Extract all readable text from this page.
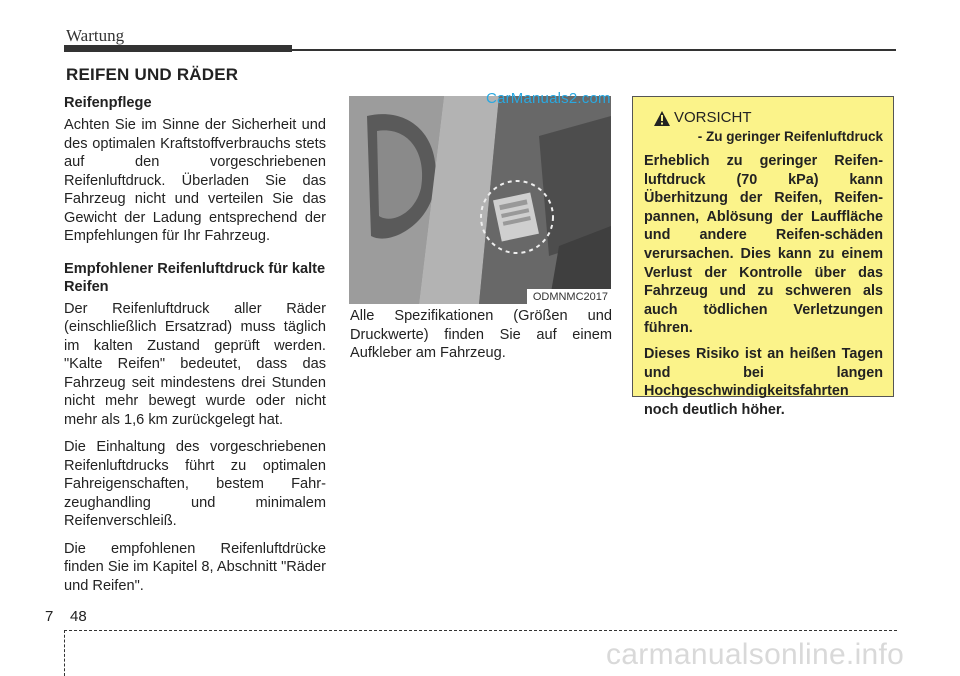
Wartung
REIFEN UND RÄDER
Reifenpflege

Achten Sie im Sinne der Sicherheit und des optimalen Kraftstoffverbrauchs stets auf den vorgeschriebenen Reifenluftdruck. Überladen Sie das Fahrzeug nicht und verteilen Sie das Gewicht der Ladung entsprechend der Empfehlungen für Ihr Fahrzeug.

Empfohlener Reifenluftdruck für kalte Reifen

Der Reifenluftdruck aller Räder (einschließlich Ersatzrad) muss täglich im kalten Zustand geprüft werden. "Kalte Reifen" bedeutet, dass das Fahrzeug seit mindestens drei Stunden nicht mehr bewegt wurde oder nicht mehr als 1,6 km zurückgelegt hat.

Die Einhaltung des vorgeschriebenen Reifenluftdrucks führt zu optimalen Fahreigenschaften, bestem Fahr-zeughandling und minimalem Reifenverschleiß.

Die empfohlenen Reifenluftdrücke finden Sie im Kapitel 8, Abschnitt "Räder und Reifen".

ODMNMC2017
CarManuals2.com

Alle Spezifikationen (Größen und Druckwerte) finden Sie auf einem Aufkleber am Fahrzeug.

VORSICHT
- Zu geringer Reifenluftdruck

Erheblich zu geringer Reifen-luftdruck (70 kPa) kann Überhitzung der Reifen, Reifen-pannen, Ablösung der Lauffläche und andere Reifen-schäden verursachen. Dies kann zu einem Verlust der Kontrolle über das Fahrzeug und zu schweren als auch tödlichen Verletzungen führen.

Dieses Risiko ist an heißen Tagen und bei langen Hochgeschwindigkeitsfahrten noch deutlich höher.

7 48
carmanualsonline.info
